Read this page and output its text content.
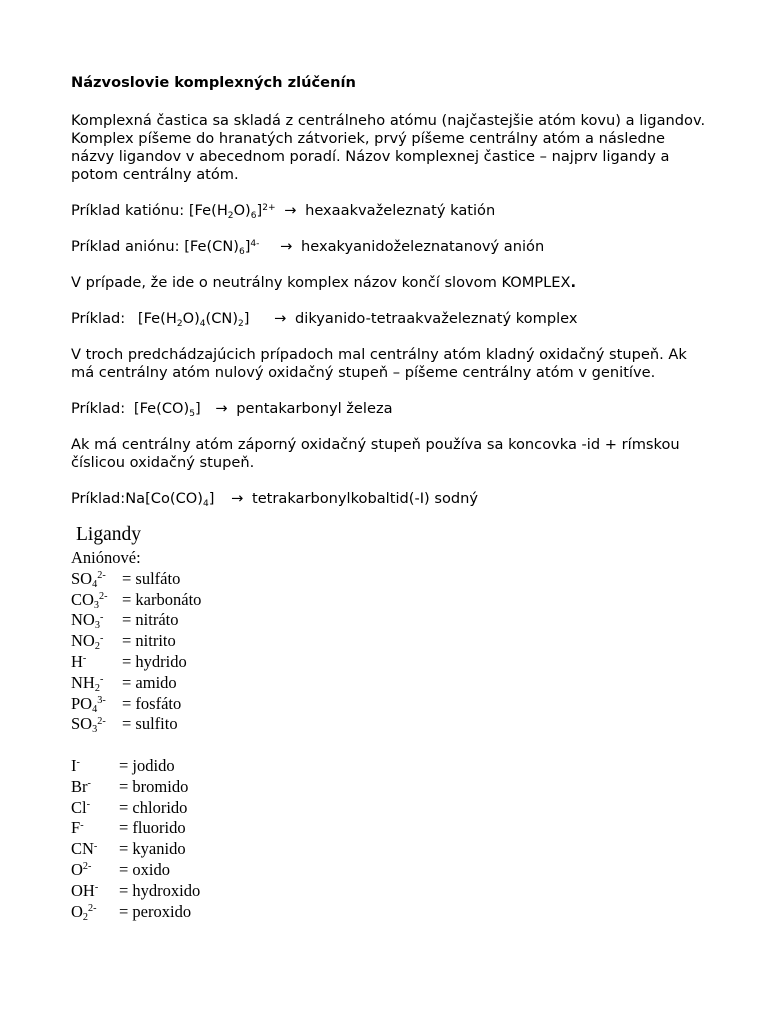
Názvoslovie komplexných zlúčenín

Komplexná častica sa skladá z centrálneho atómu (najčastejšie atóm kovu) a ligandov. Komplex píšeme do hranatých zátvoriek, prvý píšeme centrálny atóm a následne názvy ligandov v abecednom poradí. Názov komplexnej častice – najprv ligandy a potom centrálny atóm.

Príklad katiónu: $[Fe(H_2O)_6]^{2+}$ → hexaakvaželeznatý katión

Príklad aniónu: $[Fe(CN)_6]^{4-}$ → hexakyanidoželeznatanový anión

V prípade, že ide o neutrálny komplex názov končí slovom KOMPLEX.

Príklad: $[Fe(H_2O)_4(CN)_2]$ → dikyanido-tetraakvaželeznatý komplex

V troch predchádzajúcich prípadoch mal centrálny atóm kladný oxidačný stupeň. Ak má centrálny atóm nulový oxidačný stupeň – píšeme centrálny atóm v genitíve.

Príklad: $[Fe(CO)_5]$ → pentakarbonyl železa

Ak má centrálny atóm záporný oxidačný stupeň používa sa koncovka -id + rímskou číslicou oxidačný stupeň.

$Príklad:Na[Co(CO)_4]$ → tetrakarbonylkobaltid(-I) sodný

Ligandy
Aniónové:
$SO_4^{2-}$	= sulfáto
$CO_3^{2-}$	= karbonáto
$NO_3^-$	= nitráto
$NO_2^-$	= nitrito
H-	= hydrido
$NH_2^-$	= amido
$PO_4^{3-}$	= fosfáto
$SO_3^{2-}$	= sulfito
I-	= jodido
Br-	= bromido
Cl-	= chlorido
F-	= fluorido
CN-	= kyanido
$O^{2-}$	= oxido
OH-	= hydroxido
$O_2^{2-}$	= peroxido
